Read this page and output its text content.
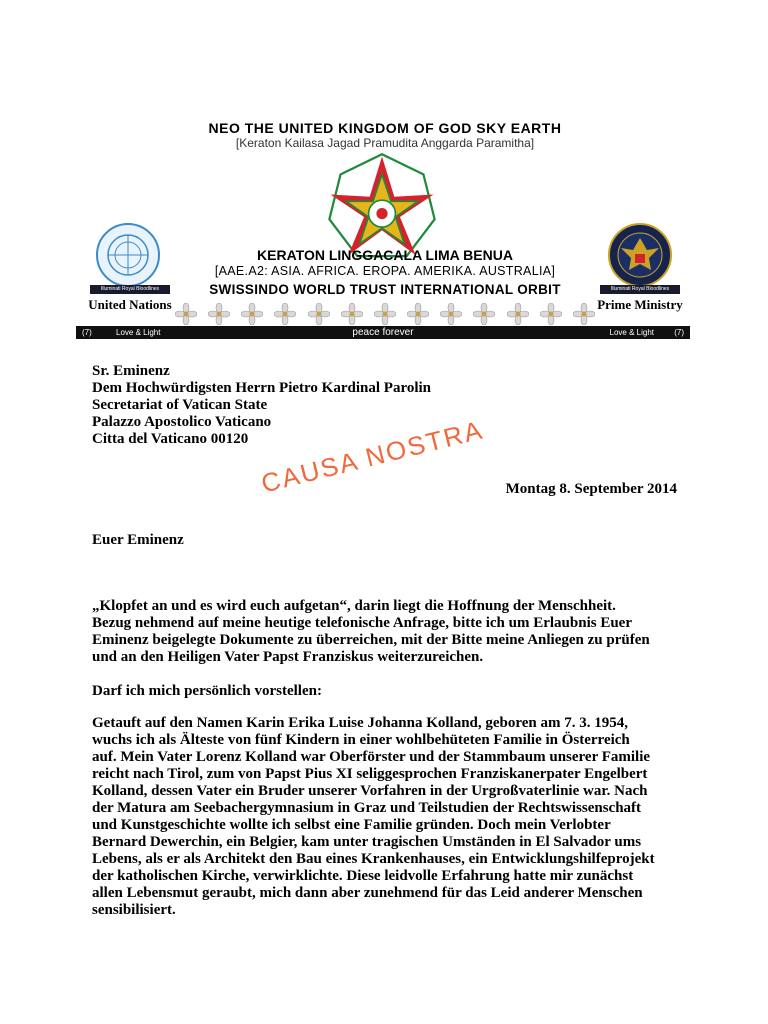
NEO THE UNITED KINGDOM OF GOD SKY EARTH
[Keraton Kailasa Jagad Pramudita Anggarda Paramitha]
KERATON LINGGACALA LIMA BENUA
[AAE.A2: ASIA. AFRICA. EROPA. AMERIKA. AUSTRALIA]
SWISSINDO WORLD TRUST INTERNATIONAL ORBIT
Illuminati Royal Bloodlines
United Nations
Illuminati Royal Bloodlines
Prime Ministry
(7)	Love & Light	peace forever	Love & Light	(7)
Sr. Eminenz
Dem Hochwürdigsten Herrn Pietro Kardinal Parolin
Secretariat of Vatican State
Palazzo Apostolico Vaticano
Citta del Vaticano 00120 CAUSA NOSTRA Montag 8. September 2014
Euer Eminenz
„Klopfet an und es wird euch aufgetan“, darin liegt die Hoffnung der Menschheit.
Bezug nehmend auf meine heutige telefonische Anfrage, bitte ich um Erlaubnis Euer
Eminenz beigelegte Dokumente zu überreichen, mit der Bitte meine Anliegen zu prüfen
und an den Heiligen Vater Papst Franziskus weiterzureichen.
Darf ich mich persönlich vorstellen:
Getauft auf den Namen Karin Erika Luise Johanna Kolland, geboren am 7. 3. 1954,
wuchs ich als Älteste von fünf Kindern in einer wohlbehüteten Familie in Österreich
auf. Mein Vater Lorenz Kolland war Oberförster und der Stammbaum unserer Familie
reicht nach Tirol, zum von Papst Pius XI seliggesprochen Franziskanerpater Engelbert
Kolland, dessen Vater ein Bruder unserer Vorfahren in der Urgroßvaterlinie war. Nach
der Matura am Seebachergymnasium in Graz und Teilstudien der Rechtswissenschaft
und Kunstgeschichte wollte ich selbst eine Familie gründen. Doch mein Verlobter
Bernard Dewerchin, ein Belgier, kam unter tragischen Umständen in El Salvador ums
Lebens, als er als Architekt den Bau eines Krankenhauses, ein Entwicklungshilfeprojekt
der katholischen Kirche, verwirklichte. Diese leidvolle Erfahrung hatte mir zunächst
allen Lebensmut geraubt, mich dann aber zunehmend für das Leid anderer Menschen
sensibilisiert.
